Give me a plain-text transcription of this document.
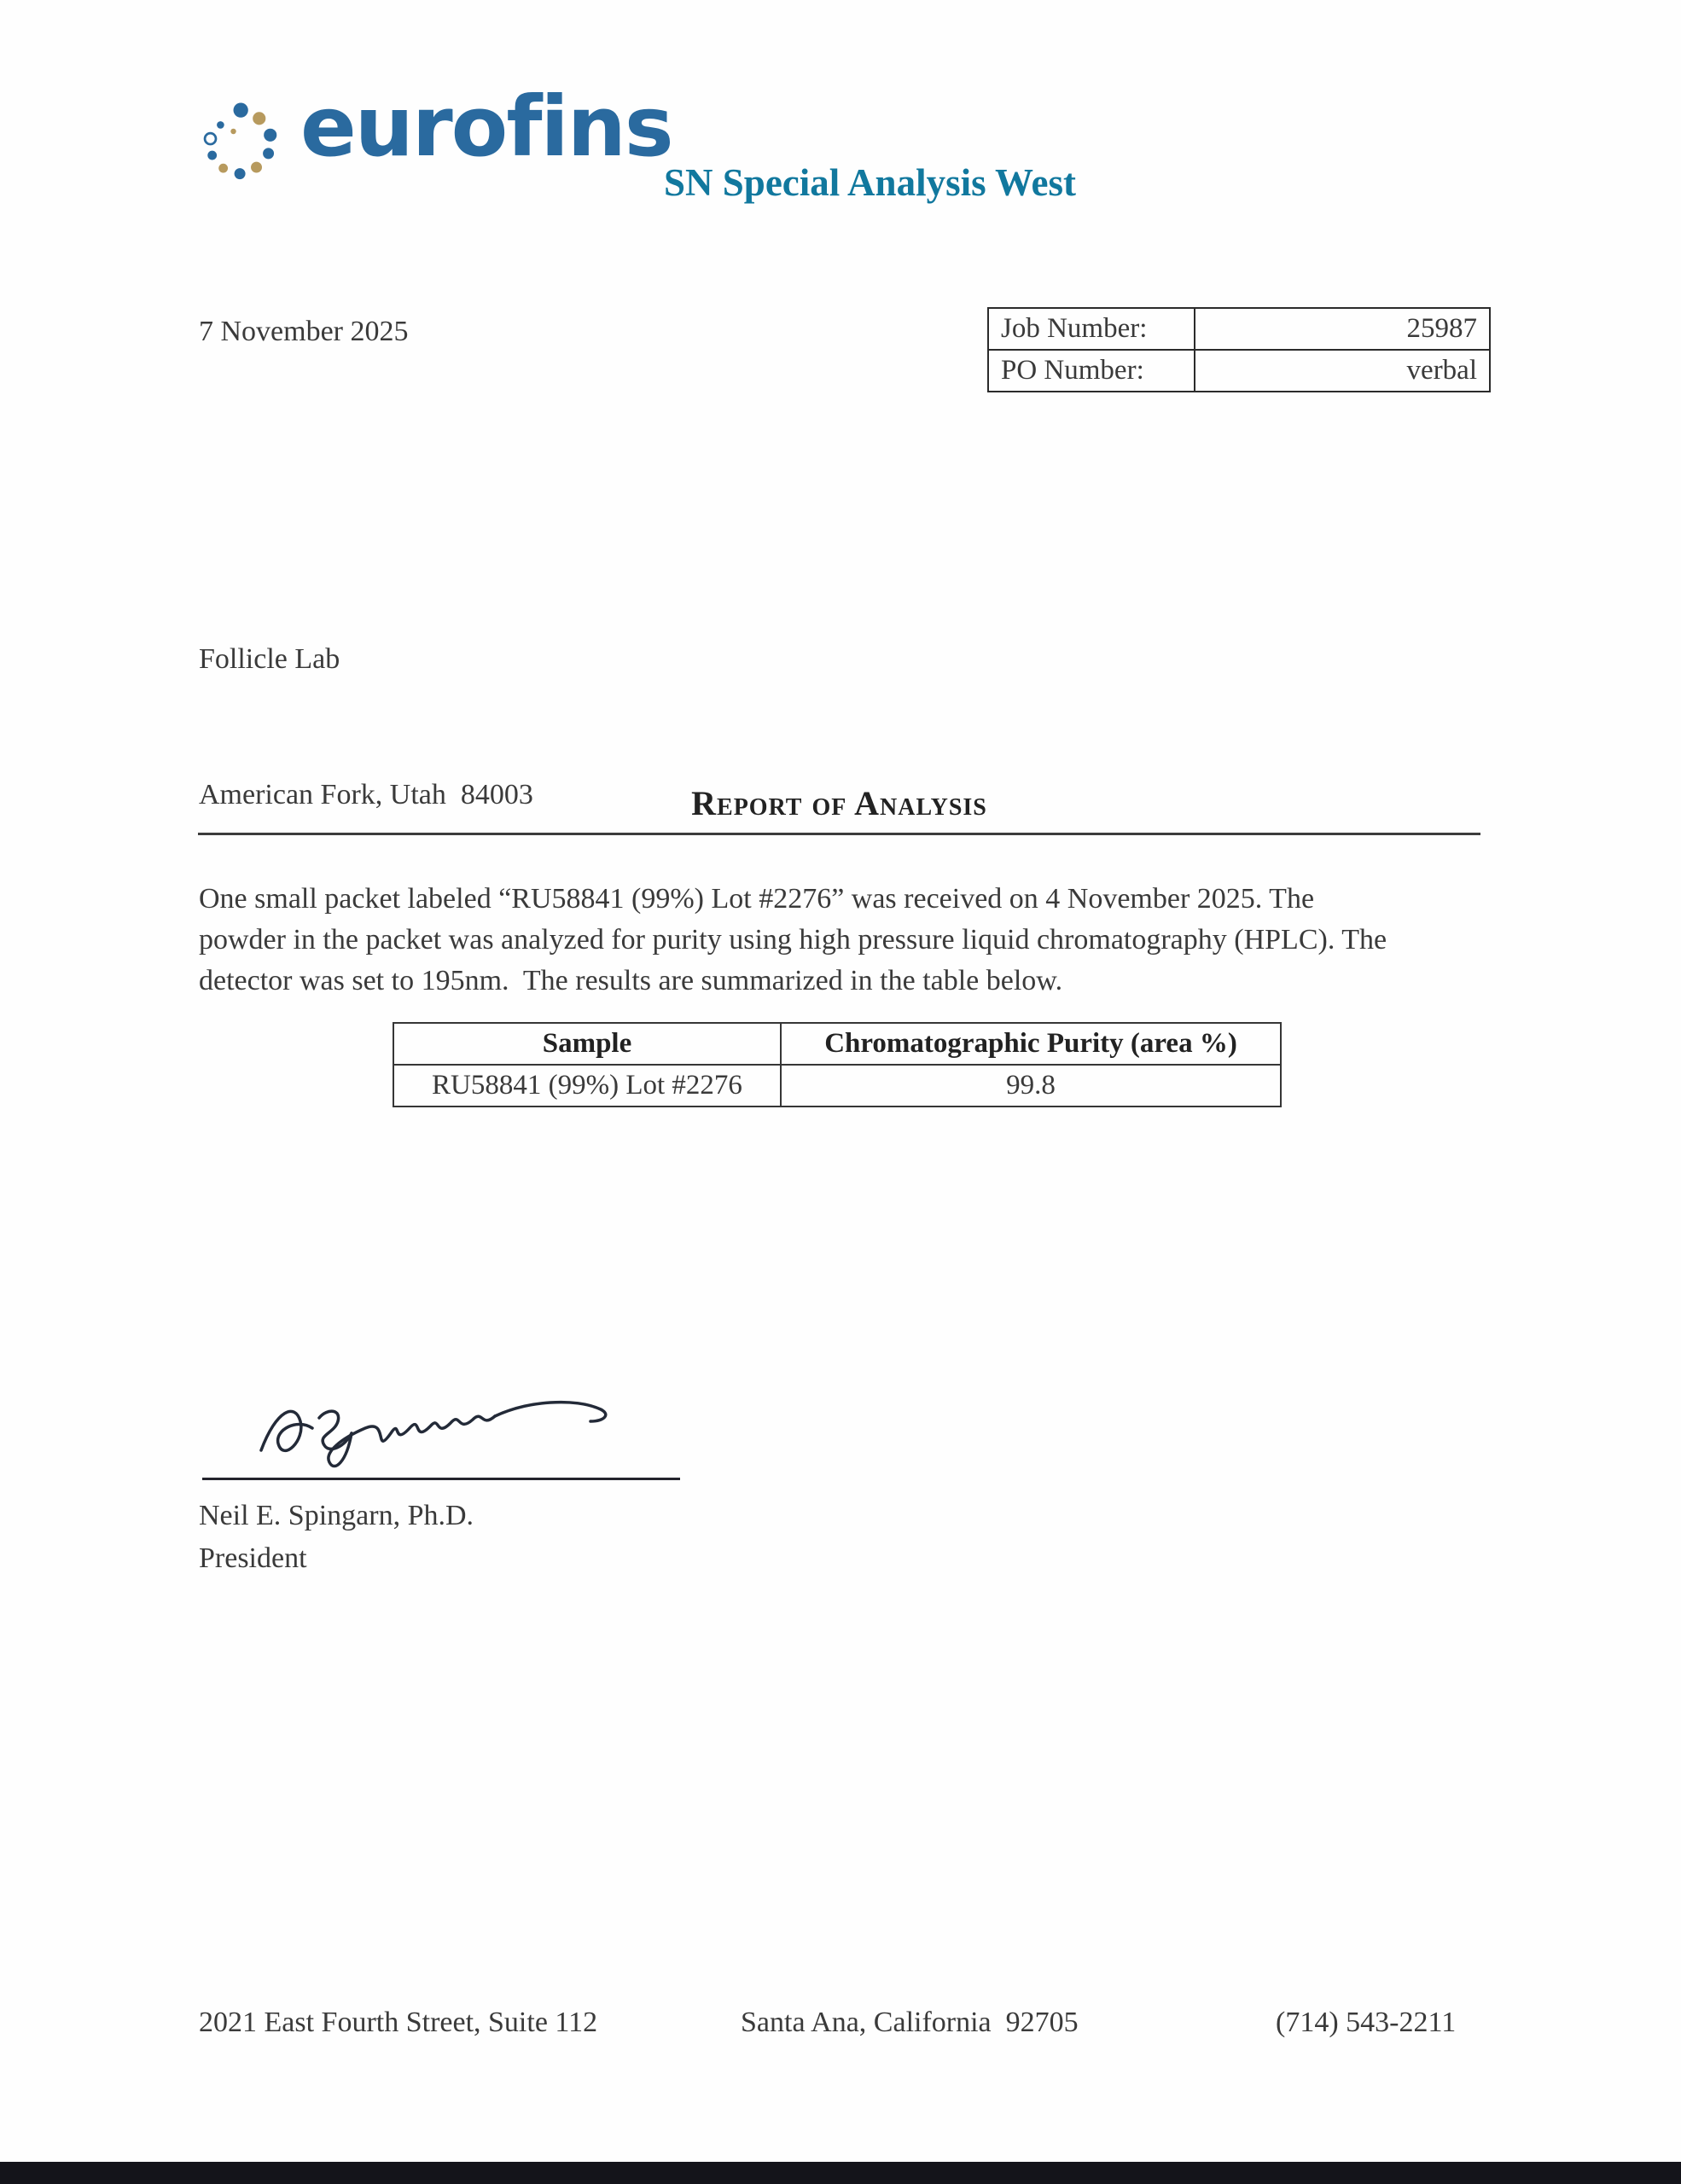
eurofins
SN Special Analysis West
7 November 2025	Job Number:	25987
PO Number:	verbal

Follicle Lab

American Fork, Utah  84003

	Report of Analysis
One small packet labeled “RU58841 (99%) Lot #2276” was received on 4 November 2025. The powder in the packet was analyzed for purity using high pressure liquid chromatography (HPLC). The detector was set to 195nm.  The results are summarized in the table below.
Sample	Chromatographic Purity (area %)
RU58841 (99%) Lot #2276	99.8
Neil E. Spingarn, Ph.D.
President
2021 East Fourth Street, Suite 112	Santa Ana, California  92705	(714) 543-2211
